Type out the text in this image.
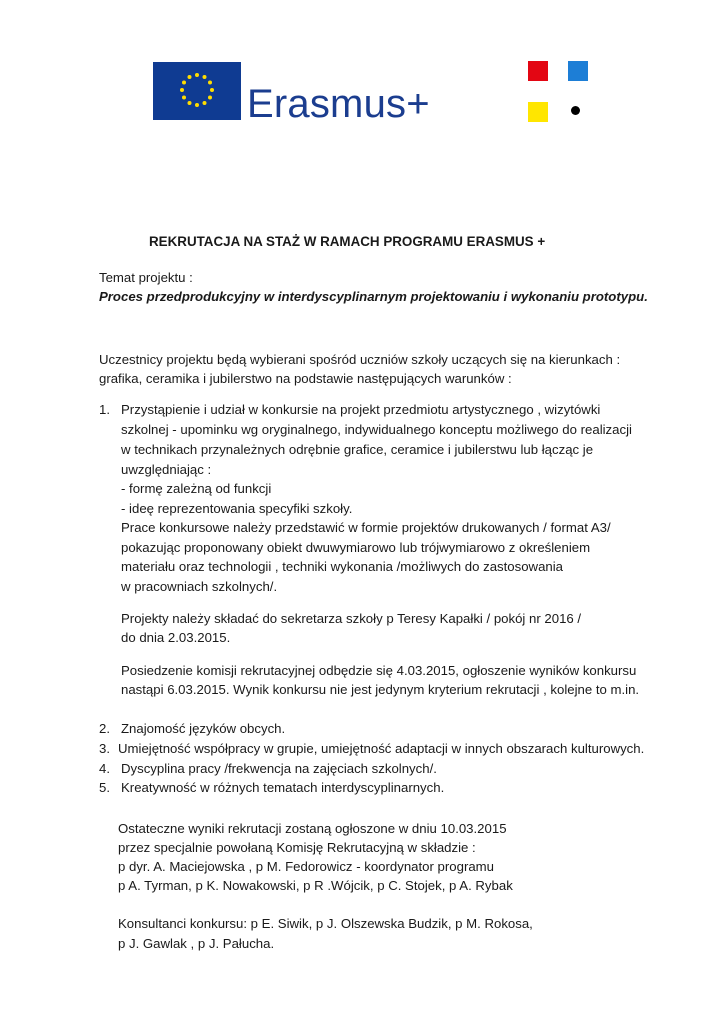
Erasmus+
REKRUTACJA NA STAŻ W RAMACH PROGRAMU ERASMUS +
Temat projektu :
Proces przedprodukcyjny w interdyscyplinarnym projektowaniu i wykonaniu prototypu.
Uczestnicy projektu będą wybierani spośród uczniów szkoły uczących się na kierunkach :
grafika, ceramika i jubilerstwo na podstawie następujących warunków :
1. Przystąpienie i udział w konkursie na projekt przedmiotu artystycznego , wizytówki
szkolnej - upominku wg oryginalnego, indywidualnego konceptu możliwego do realizacji
w technikach przynależnych odrębnie grafice, ceramice i jubilerstwu lub łącząc je
uwzględniając :
- formę zależną od funkcji
- ideę reprezentowania specyfiki szkoły.
Prace konkursowe należy przedstawić w formie projektów drukowanych / format A3/
pokazując proponowany obiekt dwuwymiarowo lub trójwymiarowo z określeniem
materiału oraz technologii , techniki wykonania /możliwych do zastosowania
w pracowniach szkolnych/.
Projekty należy składać do sekretarza szkoły p Teresy Kapałki / pokój nr 2016 /
do dnia 2.03.2015.
Posiedzenie komisji rekrutacyjnej odbędzie się 4.03.2015, ogłoszenie wyników konkursu
nastąpi 6.03.2015. Wynik konkursu nie jest jedynym kryterium rekrutacji , kolejne to m.in.
2. Znajomość języków obcych.
3. Umiejętność współpracy w grupie, umiejętność adaptacji w innych obszarach kulturowych.
4. Dyscyplina pracy /frekwencja na zajęciach szkolnych/.
5. Kreatywność w różnych tematach interdyscyplinarnych.
Ostateczne wyniki rekrutacji zostaną ogłoszone w dniu 10.03.2015
przez specjalnie powołaną Komisję Rekrutacyjną w składzie :
p dyr. A. Maciejowska , p M. Fedorowicz - koordynator programu
p A. Tyrman, p K. Nowakowski, p R .Wójcik, p C. Stojek, p A. Rybak
Konsultanci konkursu: p E. Siwik, p J. Olszewska Budzik, p M. Rokosa,
p J. Gawlak , p J. Pałucha.
